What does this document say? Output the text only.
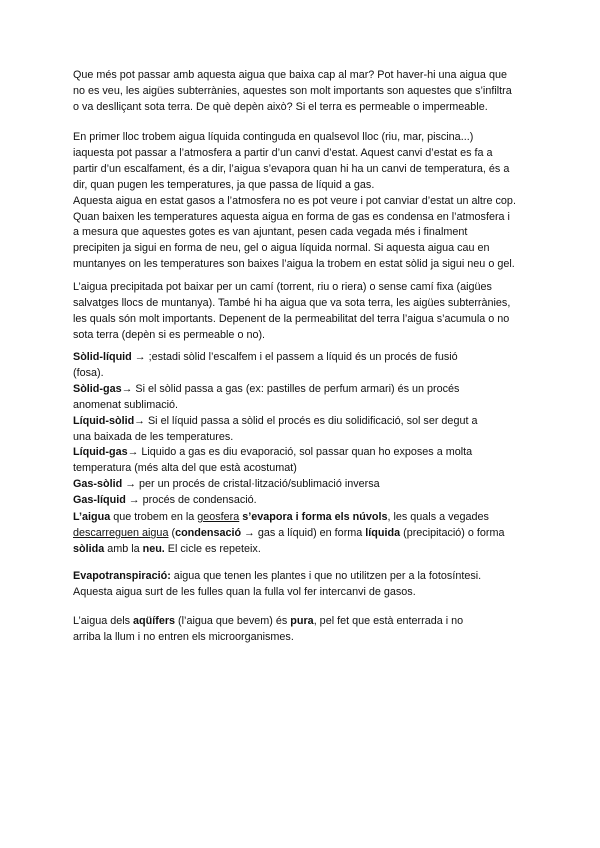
Que més pot passar amb aquesta aigua que baixa cap al mar? Pot haver-hi una aigua que

no es veu, les aigües subterrànies, aquestes son molt importants son aquestes que s’infiltra

o va deslliçant sota terra. De què depèn això? Si el terra es permeable o impermeable.

En primer lloc trobem aigua líquida continguda en qualsevol lloc (riu, mar, piscina...)

iaquesta pot passar a l’atmosfera a partir d’un canvi d’estat. Aquest canvi d’estat es fa a

partir d’un escalfament, és a dir, l’aigua s’evapora quan hi ha un canvi de temperatura, és a

dir, quan pugen les temperatures, ja que passa de líquid a gas.

Aquesta aigua en estat gasos a l’atmosfera no es pot veure i pot canviar d’estat un altre cop.

Quan baixen les temperatures aquesta aigua en forma de gas es condensa en l’atmosfera i

a mesura que aquestes gotes es van ajuntant, pesen cada vegada més i finalment

precipiten ja sigui en forma de neu, gel o aigua líquida normal. Si aquesta aigua cau en

muntanyes on les temperatures son baixes l’aigua la trobem en estat sòlid ja sigui neu o gel.

L’aigua precipitada pot baixar per un camí (torrent, riu o riera) o sense camí fixa (aigües

salvatges llocs de muntanya). També hi ha aigua que va sota terra, les aigües subterrànies,

les quals són molt importants. Depenent de la permeabilitat del terra l’aigua s’acumula o no

sota terra (depèn si es permeable o no).

Sòlid-líquid → ;estadi sòlid l’escalfem i el passem a líquid és un procés de fusió

(fosa).

Sòlid-gas→ Si el sòlid passa a gas (ex: pastilles de perfum armari) és un procés

anomenat sublimació.

Líquid-sòlid→ Si el líquid passa a sòlid el procés es diu solidificació, sol ser degut a

una baixada de les temperatures.

Líquid-gas→ Liquido a gas es diu evaporació, sol passar quan ho exposes a molta

temperatura (més alta del que està acostumat)

Gas-sòlid → per un procés de cristal·lització/sublimació inversa

Gas-líquid → procés de condensació.

L’aigua que trobem en la geosfera s’evapora i forma els núvols, les quals a vegades

descarreguen aigua (condensació → gas a líquid) en forma líquida (precipitació) o forma

sòlida amb la neu. El cicle es repeteix.

Evapotranspiració: aigua que tenen les plantes i que no utilitzen per a la fotosíntesi.

Aquesta aigua surt de les fulles quan la fulla vol fer intercanvi de gasos.

L’aigua dels aqüífers (l’aigua que bevem) és pura, pel fet que està enterrada i no

arriba la llum i no entren els microorganismes.
